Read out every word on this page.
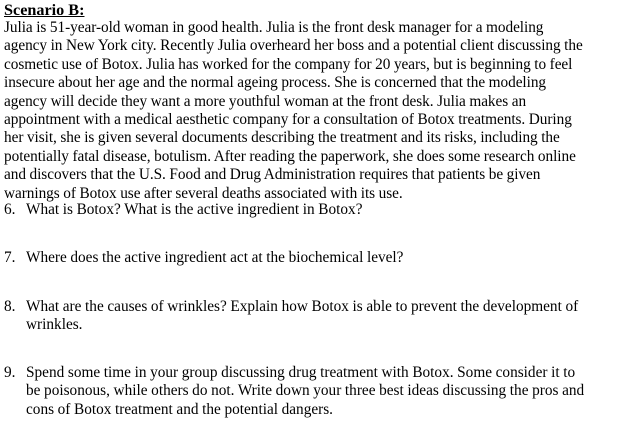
Scenario B:
Julia is 51-year-old woman in good health. Julia is the front desk manager for a modeling
agency in New York city. Recently Julia overheard her boss and a potential client discussing the
cosmetic use of Botox. Julia has worked for the company for 20 years, but is beginning to feel
insecure about her age and the normal ageing process. She is concerned that the modeling
agency will decide they want a more youthful woman at the front desk. Julia makes an
appointment with a medical aesthetic company for a consultation of Botox treatments. During
her visit, she is given several documents describing the treatment and its risks, including the
potentially fatal disease, botulism. After reading the paperwork, she does some research online
and discovers that the U.S. Food and Drug Administration requires that patients be given
warnings of Botox use after several deaths associated with its use.
6. What is Botox? What is the active ingredient in Botox?
7. Where does the active ingredient act at the biochemical level?
8. What are the causes of wrinkles? Explain how Botox is able to prevent the development of
wrinkles.
9. Spend some time in your group discussing drug treatment with Botox. Some consider it to
be poisonous, while others do not. Write down your three best ideas discussing the pros and
cons of Botox treatment and the potential dangers.
